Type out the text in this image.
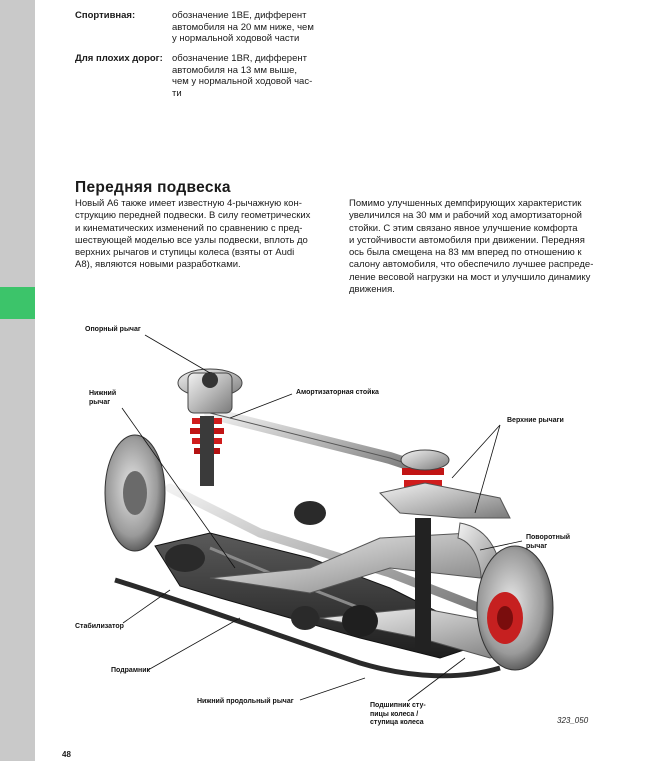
Спортивная:	обозначение 1BE, дифферент
автомобиля на 20 мм ниже, чем
у нормальной ходовой части
Для плохих дорог: обозначение 1BR, дифферент
автомобиля на 13 мм выше,
чем у нормальной ходовой час-
ти
Передняя подвеска
Новый A6 также имеет известную 4-рычажную кон-
струкцию передней подвески. В силу геометрических
и кинематических изменений по сравнению с пред-
шествующей моделью все узлы подвески, вплоть до
верхних рычагов и ступицы колеса (взяты от Audi
A8), являются новыми разработками.
Помимо улучшенных демпфирующих характеристик
увеличился на 30 мм и рабочий ход амортизаторной
стойки. С этим связано явное улучшение комфорта
и устойчивости автомобиля при движении. Передняя
ось была смещена на 83 мм вперед по отношению к
салону автомобиля, что обеспечило лучшее распреде-
ление весовой нагрузки на мост и улучшило динамику
движения.
Опорный рычаг
Нижний
рычаг
Амортизаторная стойка
Верхние рычаги
Поворотный
рычаг
Стабилизатор
Подрамник
Нижний продольный рычаг
Подшипник сту-
пицы колеса /
ступица колеса	323_050
48
